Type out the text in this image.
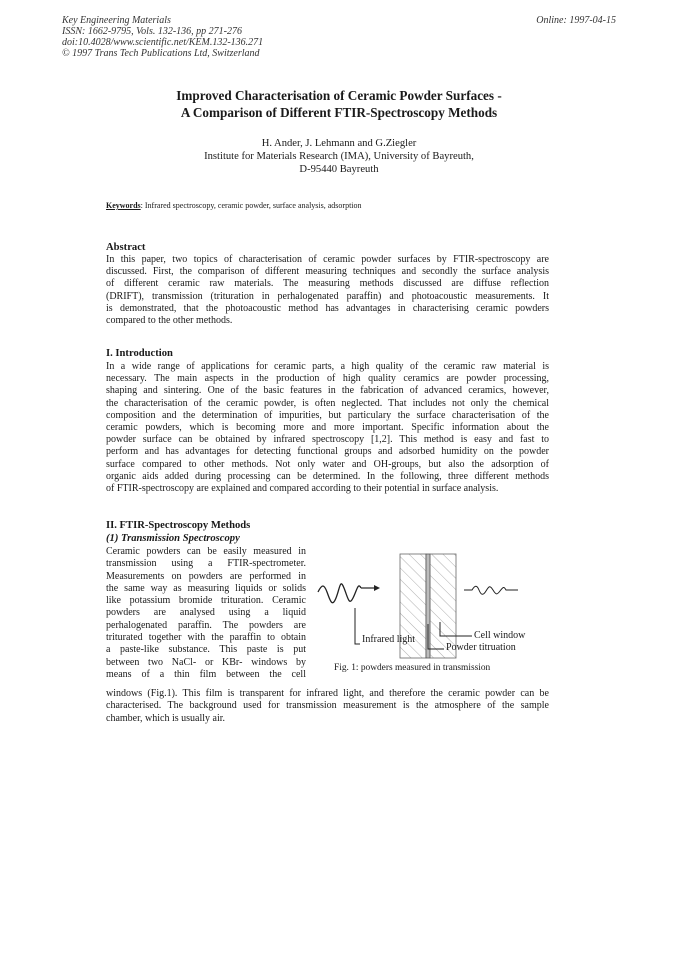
Key Engineering Materials
ISSN: 1662-9795, Vols. 132-136, pp 271-276
doi:10.4028/www.scientific.net/KEM.132-136.271
© 1997 Trans Tech Publications Ltd, Switzerland
Online: 1997-04-15
Improved Characterisation of Ceramic Powder Surfaces -
A Comparison of Different FTIR-Spectroscopy Methods
H. Ander, J. Lehmann and G.Ziegler
Institute for Materials Research (IMA), University of Bayreuth,
D-95440 Bayreuth
Keywords: Infrared spectroscopy, ceramic powder, surface analysis, adsorption
Abstract
In this paper, two topics of characterisation of ceramic powder surfaces by FTIR-spectroscopy are
discussed. First, the comparison of different measuring techniques and secondly the surface analysis
of different ceramic raw materials. The measuring methods discussed are diffuse reflection
(DRIFT), transmission (trituration in perhalogenated paraffin) and photoacoustic measurements. It
is demonstrated, that the photoacoustic method has advantages in characterising ceramic powders
compared to the other methods.
I. Introduction
In a wide range of applications for ceramic parts, a high quality of the ceramic raw material is
necessary. The main aspects in the production of high quality ceramics are powder processing,
shaping and sintering. One of the basic features in the fabrication of advanced ceramics, however,
the characterisation of the ceramic powder, is often neglected. That includes not only the chemical
composition and the determination of impurities, but particulary the surface characterisation of the
ceramic powders, which is becoming more and more important. Specific information about the
powder surface can be obtained by infrared spectroscopy [1,2]. This method is easy and fast to
perform and has advantages for detecting functional groups and adsorbed humidity on the powder
surface compared to other methods. Not only water and OH-groups, but also the adsorption of
organic aids added during processing can be determined. In the following, three different methods
of FTIR-spectroscopy are explained and compared according to their potential in surface analysis.
II. FTIR-Spectroscopy Methods
(1) Transmission Spectroscopy
Ceramic powders can be easily measured in
transmission using a FTIR-spectrometer.
Measurements on powders are performed in
the same way as measuring liquids or solids
like potassium bromide trituration. Ceramic
powders are analysed using a liquid
perhalogenated paraffin. The powders are
triturated together with the paraffin to obtain
a paste-like substance. This paste is put
between two NaCl- or KBr- windows by
means of a thin film between the cell
Infrared light	Cell window
Powder titruation
Fig. 1: powders measured in transmission
windows (Fig.1). This film is transparent for infrared light, and therefore the ceramic powder can be
characterised. The background used for transmission measurement is the atmosphere of the sample
chamber, which is usually air.
